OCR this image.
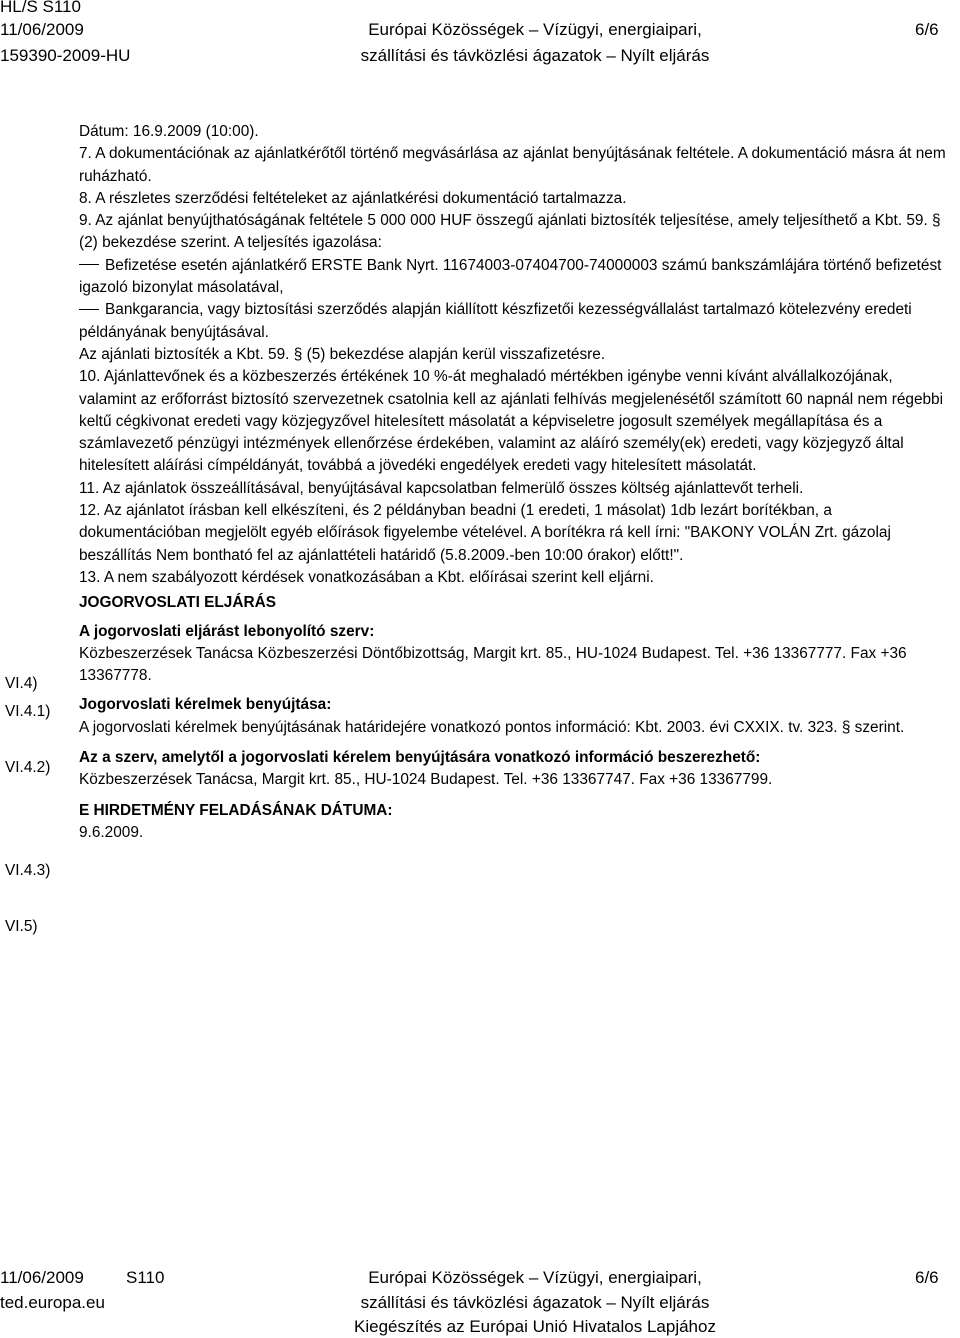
HL/S S110
11/06/2009
159390-2009-HU
Európai Közösségek – Vízügyi, energiaipari,
szállítási és távközlési ágazatok – Nyílt eljárás
6/6

Dátum: 16.9.2009 (10:00).

7. A dokumentációnak az ajánlatkérőtől történő megvásárlása az ajánlat benyújtásának feltétele. A dokumentáció másra át nem ruházható.

8. A részletes szerződési feltételeket az ajánlatkérési dokumentáció tartalmazza.

9. Az ajánlat benyújthatóságának feltétele 5 000 000 HUF összegű ajánlati biztosíték teljesítése, amely teljesíthető a Kbt. 59. § (2) bekezdése szerint. A teljesítés igazolása:

Befizetése esetén ajánlatkérő ERSTE Bank Nyrt. 11674003-07404700-74000003 számú bankszámlájára történő befizetést igazoló bizonylat másolatával,

Bankgarancia, vagy biztosítási szerződés alapján kiállított készfizetői kezességvállalást tartalmazó kötelezvény eredeti példányának benyújtásával.

Az ajánlati biztosíték a Kbt. 59. § (5) bekezdése alapján kerül visszafizetésre.

10. Ajánlattevőnek és a közbeszerzés értékének 10 %-át meghaladó mértékben igénybe venni kívánt alvállalkozójának, valamint az erőforrást biztosító szervezetnek csatolnia kell az ajánlati felhívás megjelenésétől számított 60 napnál nem régebbi keltű cégkivonat eredeti vagy közjegyzővel hitelesített másolatát a képviseletre jogosult személyek megállapítása és a számlavezető pénzügyi intézmények ellenőrzése érdekében, valamint az aláíró személy(ek) eredeti, vagy közjegyző által hitelesített aláírási címpéldányát, továbbá a jövedéki engedélyek eredeti vagy hitelesített másolatát.

11. Az ajánlatok összeállításával, benyújtásával kapcsolatban felmerülő összes költség ajánlattevőt terheli.

12. Az ajánlatot írásban kell elkészíteni, és 2 példányban beadni (1 eredeti, 1 másolat) 1db lezárt borítékban, a dokumentációban megjelölt egyéb előírások figyelembe vételével. A borítékra rá kell írni: "BAKONY VOLÁN Zrt. gázolaj beszállítás Nem bontható fel az ajánlattételi határidő (5.8.2009.-ben 10:00 órakor) előtt!".

13. A nem szabályozott kérdések vonatkozásában a Kbt. előírásai szerint kell eljárni.

JOGORVOSLATI ELJÁRÁS

A jogorvoslati eljárást lebonyolító szerv:

Közbeszerzések Tanácsa Közbeszerzési Döntőbizottság, Margit krt. 85., HU-1024 Budapest. Tel. +36 13367777. Fax +36 13367778.

Jogorvoslati kérelmek benyújtása:

A jogorvoslati kérelmek benyújtásának határidejére vonatkozó pontos információ: Kbt. 2003. évi CXXIX. tv. 323. § szerint.

Az a szerv, amelytől a jogorvoslati kérelem benyújtására vonatkozó információ beszerezhető:

Közbeszerzések Tanácsa, Margit krt. 85., HU-1024 Budapest. Tel. +36 13367747. Fax +36 13367799.

E HIRDETMÉNY FELADÁSÁNAK DÁTUMA:

9.6.2009.

VI.4)
VI.4.1)
VI.4.2)
VI.4.3)
VI.5)
11/06/2009 S110
ted.europa.eu
Európai Közösségek – Vízügyi, energiaipari,
szállítási és távközlési ágazatok – Nyílt eljárás
Kiegészítés az Európai Unió Hivatalos Lapjához
6/6
